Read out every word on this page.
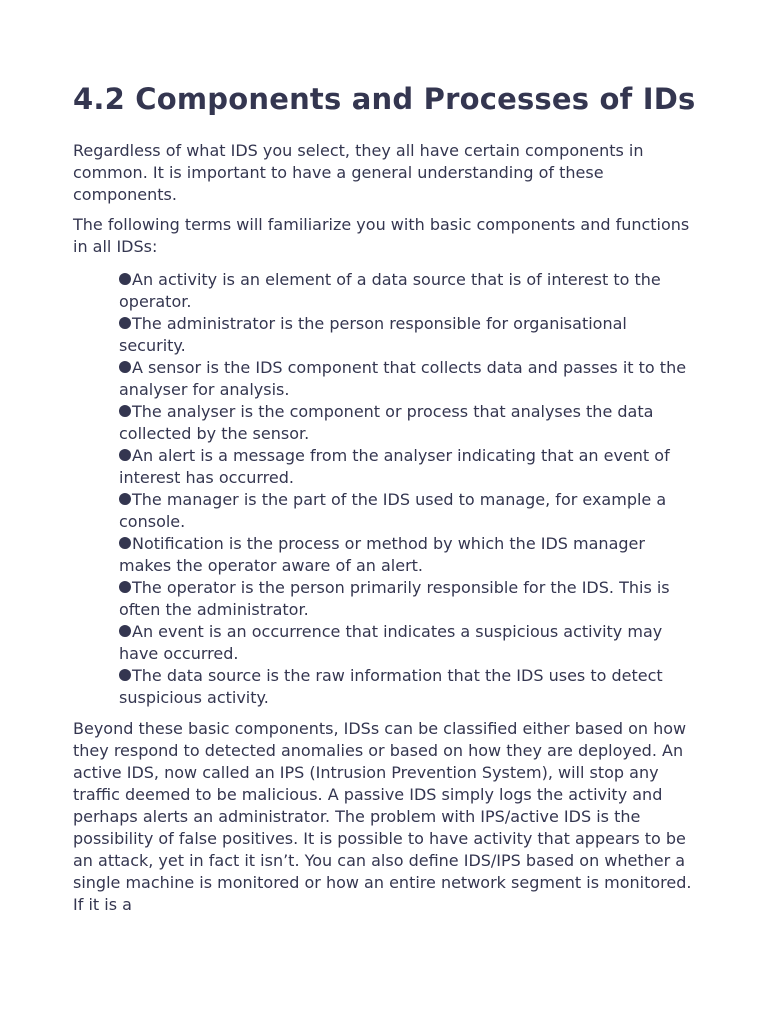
4.2 Components and Processes of IDs

Regardless of what IDS you select, they all have certain components in common. It is important to have a general understanding of these components.

The following terms will familiarize you with basic components and functions in all IDSs:

An activity is an element of a data source that is of interest to the operator.
The administrator is the person responsible for organisational security.
A sensor is the IDS component that collects data and passes it to the analyser for analysis.
The analyser is the component or process that analyses the data collected by the sensor.
An alert is a message from the analyser indicating that an event of interest has occurred.
The manager is the part of the IDS used to manage, for example a console.
Notification is the process or method by which the IDS manager makes the operator aware of an alert.
The operator is the person primarily responsible for the IDS. This is often the administrator.
An event is an occurrence that indicates a suspicious activity may have occurred.
The data source is the raw information that the IDS uses to detect suspicious activity.

Beyond these basic components, IDSs can be classified either based on how they respond to detected anomalies or based on how they are deployed. An active IDS, now called an IPS (Intrusion Prevention System), will stop any traffic deemed to be malicious. A passive IDS simply logs the activity and perhaps alerts an administrator. The problem with IPS/active IDS is the possibility of false positives. It is possible to have activity that appears to be an attack, yet in fact it isn’t. You can also define IDS/IPS based on whether a single machine is monitored or how an entire network segment is monitored. If it is a
